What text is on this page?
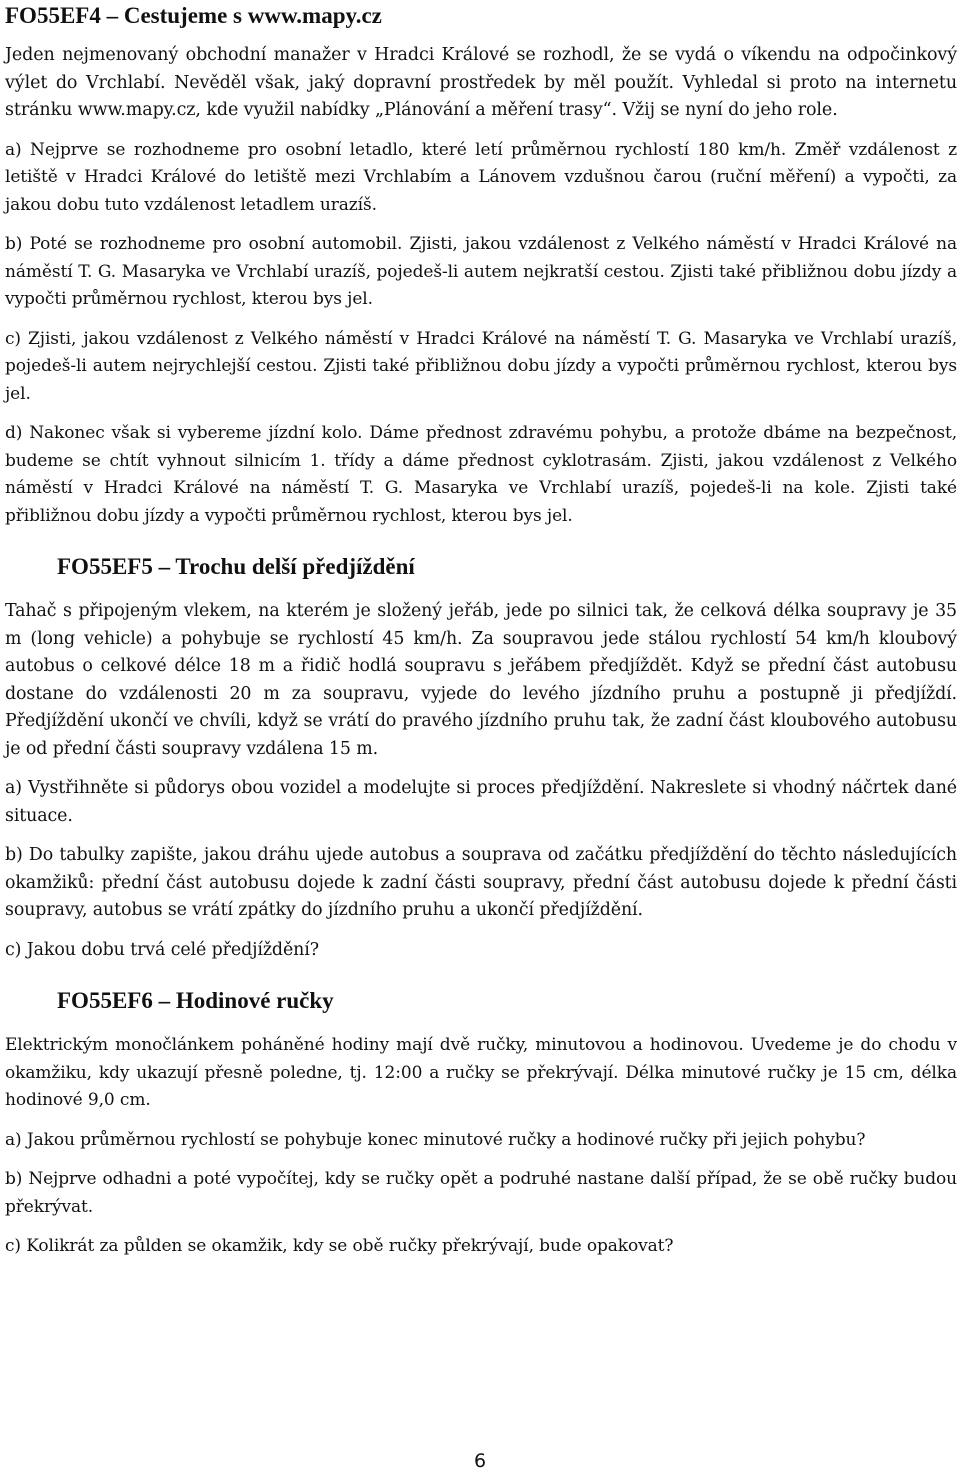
FO55EF4 – Cestujeme s www.mapy.cz

Jeden nejmenovaný obchodní manažer v Hradci Králové se rozhodl, že se vydá o víkendu na odpočinkový výlet do Vrchlabí. Nevěděl však, jaký dopravní prostředek by měl použít. Vyhledal si proto na internetu stránku www.mapy.cz, kde využil nabídky „Plánování a měření trasy“. Vžij se nyní do jeho role.

a) Nejprve se rozhodneme pro osobní letadlo, které letí průměrnou rychlostí 180 km/h. Změř vzdálenost z letiště v Hradci Králové do letiště mezi Vrchlabím a Lánovem vzdušnou čarou (ruční měření) a vypočti, za jakou dobu tuto vzdálenost letadlem urazíš.

b) Poté se rozhodneme pro osobní automobil. Zjisti, jakou vzdálenost z Velkého náměstí v Hradci Králové na náměstí T. G. Masaryka ve Vrchlabí urazíš, pojedeš-li autem nejkratší cestou. Zjisti také přibližnou dobu jízdy a vypočti průměrnou rychlost, kterou bys jel.

c) Zjisti, jakou vzdálenost z Velkého náměstí v Hradci Králové na náměstí T. G. Masaryka ve Vrchlabí urazíš, pojedeš-li autem nejrychlejší cestou. Zjisti také přibližnou dobu jízdy a vypočti průměrnou rychlost, kterou bys jel.

d) Nakonec však si vybereme jízdní kolo. Dáme přednost zdravému pohybu, a protože dbáme na bezpečnost, budeme se chtít vyhnout silnicím 1. třídy a dáme přednost cyklotrasám. Zjisti, jakou vzdálenost z Velkého náměstí v Hradci Králové na náměstí T. G. Masaryka ve Vrchlabí urazíš, pojedeš-li na kole. Zjisti také přibližnou dobu jízdy a vypočti průměrnou rychlost, kterou bys jel.

FO55EF5 – Trochu delší předjíždění

Tahač s připojeným vlekem, na kterém je složený jeřáb, jede po silnici tak, že celková délka soupravy je 35 m (long vehicle) a pohybuje se rychlostí 45 km/h. Za soupravou jede stálou rychlostí 54 km/h kloubový autobus o celkové délce 18 m a řidič hodlá soupravu s jeřábem předjíždět. Když se přední část autobusu dostane do vzdálenosti 20 m za soupravu, vyjede do levého jízdního pruhu a postupně ji předjíždí. Předjíždění ukončí ve chvíli, když se vrátí do pravého jízdního pruhu tak, že zadní část kloubového autobusu je od přední části soupravy vzdálena 15 m.

a) Vystřihněte si půdorys obou vozidel a modelujte si proces předjíždění. Nakreslete si vhodný náčrtek dané situace.

b) Do tabulky zapište, jakou dráhu ujede autobus a souprava od začátku předjíždění do těchto následujících okamžiků: přední část autobusu dojede k zadní části soupravy, přední část autobusu dojede k přední části soupravy, autobus se vrátí zpátky do jízdního pruhu a ukončí předjíždění.

c) Jakou dobu trvá celé předjíždění?

FO55EF6 – Hodinové ručky

Elektrickým monočlánkem poháněné hodiny mají dvě ručky, minutovou a hodinovou. Uvedeme je do chodu v okamžiku, kdy ukazují přesně poledne, tj. 12:00 a ručky se překrývají. Délka minutové ručky je 15 cm, délka hodinové 9,0 cm.

a) Jakou průměrnou rychlostí se pohybuje konec minutové ručky a hodinové ručky při jejich pohybu?

b) Nejprve odhadni a poté vypočítej, kdy se ručky opět a podruhé nastane další případ, že se obě ručky budou překrývat.

c) Kolikrát za půlden se okamžik, kdy se obě ručky překrývají, bude opakovat?

6
